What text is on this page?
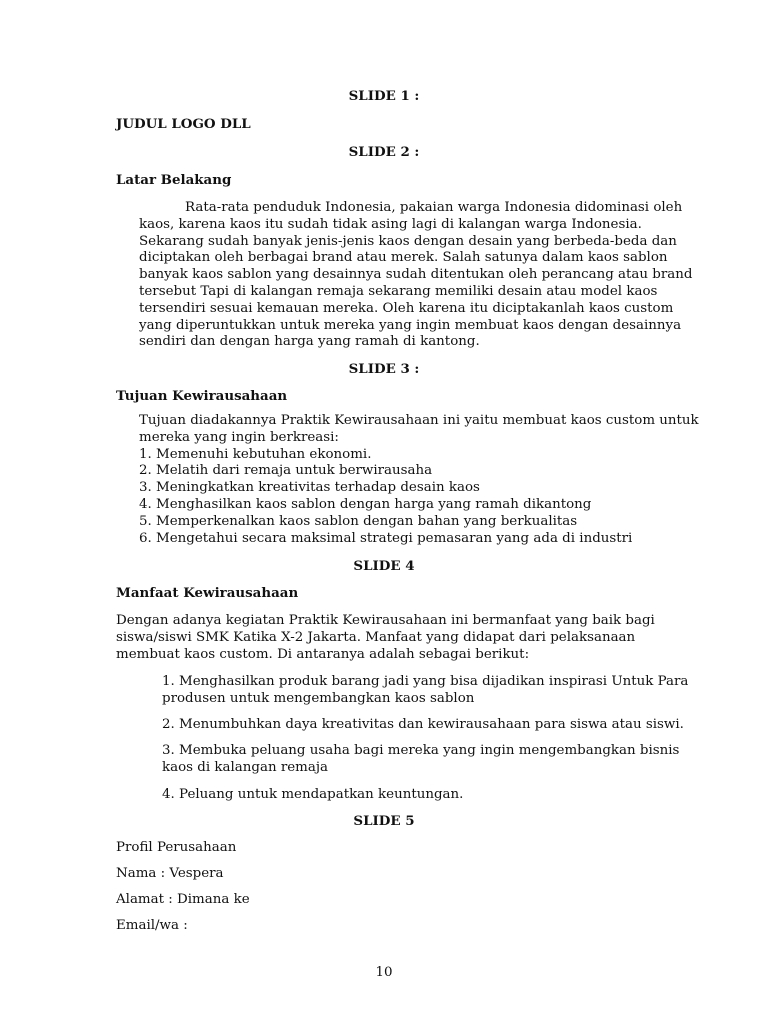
SLIDE 1 :
JUDUL LOGO DLL
SLIDE 2 :
Latar Belakang
Rata-rata penduduk Indonesia, pakaian warga Indonesia didominasi oleh
kaos, karena kaos itu sudah tidak asing lagi di kalangan warga Indonesia.
Sekarang sudah banyak jenis-jenis kaos dengan desain yang berbeda-beda dan
diciptakan oleh berbagai brand atau merek. Salah satunya dalam kaos sablon
banyak kaos sablon yang desainnya sudah ditentukan oleh perancang atau brand
tersebut Tapi di kalangan remaja sekarang memiliki desain atau model kaos
tersendiri sesuai kemauan mereka. Oleh karena itu diciptakanlah kaos custom
yang diperuntukkan untuk mereka yang ingin membuat kaos dengan desainnya
sendiri dan dengan harga yang ramah di kantong.
SLIDE 3 :
Tujuan Kewirausahaan
Tujuan diadakannya Praktik Kewirausahaan ini yaitu membuat kaos custom untuk
mereka yang ingin berkreasi:
1. Memenuhi kebutuhan ekonomi.
2. Melatih dari remaja untuk berwirausaha
3. Meningkatkan kreativitas terhadap desain kaos
4. Menghasilkan kaos sablon dengan harga yang ramah dikantong
5. Memperkenalkan kaos sablon dengan bahan yang berkualitas
6. Mengetahui secara maksimal strategi pemasaran yang ada di industri
SLIDE 4
Manfaat Kewirausahaan
Dengan adanya kegiatan Praktik Kewirausahaan ini bermanfaat yang baik bagi
siswa/siswi SMK Katika X-2 Jakarta. Manfaat yang didapat dari pelaksanaan
membuat kaos custom. Di antaranya adalah sebagai berikut:
1. Menghasilkan produk barang jadi yang bisa dijadikan inspirasi Untuk Para
produsen untuk mengembangkan kaos sablon
2. Menumbuhkan daya kreativitas dan kewirausahaan para siswa atau siswi.
3. Membuka peluang usaha bagi mereka yang ingin mengembangkan bisnis
kaos di kalangan remaja
4. Peluang untuk mendapatkan keuntungan.
SLIDE 5
Profil Perusahaan
Nama : Vespera
Alamat : Dimana ke
Email/wa :
10
